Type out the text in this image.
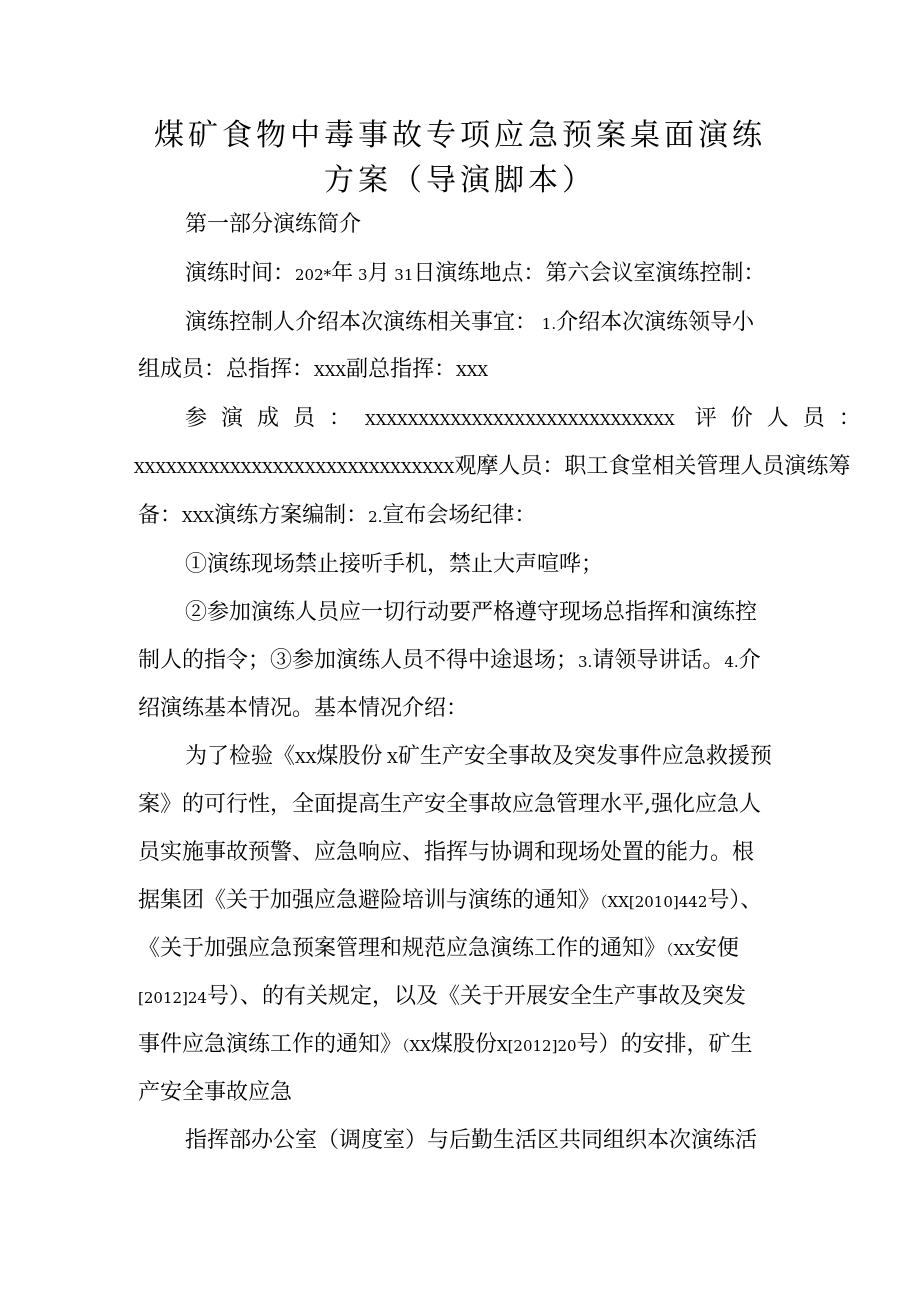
煤矿食物中毒事故专项应急预案桌面演练
方案（导演脚本）
第一部分演练简介
演练时间：202*年 3月 31日演练地点：第六会议室演练控制：
演练控制人介绍本次演练相关事宜： 1.介绍本次演练领导小
组成员：总指挥：XXX副总指挥：XXX
参演成员：XXXXXXXXXXXXXXXXXXXXXXXXXXXXX 评价人员：
XXXXXXXXXXXXXXXXXXXXXXXXXXXXXX观摩人员：职工食堂相关管理人员演练筹
备：XXX演练方案编制：2.宣布会场纪律：
①演练现场禁止接听手机，禁止大声喧哗；
②参加演练人员应一切行动要严格遵守现场总指挥和演练控
制人的指令；③参加演练人员不得中途退场；3.请领导讲话。4.介
绍演练基本情况。基本情况介绍：
为了检验《XX煤股份 X矿生产安全事故及突发事件应急救援预
案》的可行性，全面提高生产安全事故应急管理水平,强化应急人
员实施事故预警、应急响应、指挥与协调和现场处置的能力。根
据集团《关于加强应急避险培训与演练的通知》（XX[2010]442号）、
《关于加强应急预案管理和规范应急演练工作的通知》（XX安便
[2012]24号）、的有关规定，以及《关于开展安全生产事故及突发
事件应急演练工作的通知》（XX煤股份X[2012]20号）的安排，矿生
产安全事故应急
指挥部办公室（调度室）与后勤生活区共同组织本次演练活
